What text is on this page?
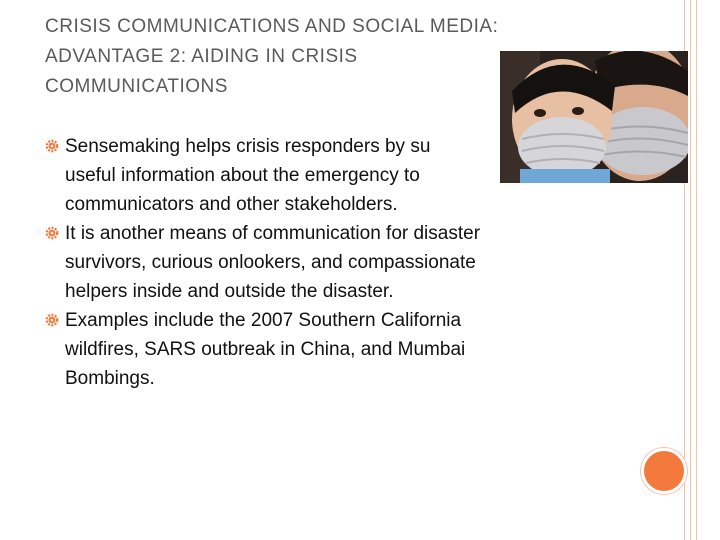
CRISIS COMMUNICATIONS AND SOCIAL MEDIA:
ADVANTAGE 2: AIDING IN CRISIS
COMMUNICATIONS
Sensemaking helps crisis responders by su
useful information about the emergency to
communicators and other stakeholders.
It is another means of communication for disaster
survivors, curious onlookers, and compassionate
helpers inside and outside the disaster.
Examples include the 2007 Southern California
wildfires, SARS outbreak in China, and Mumbai
Bombings.
